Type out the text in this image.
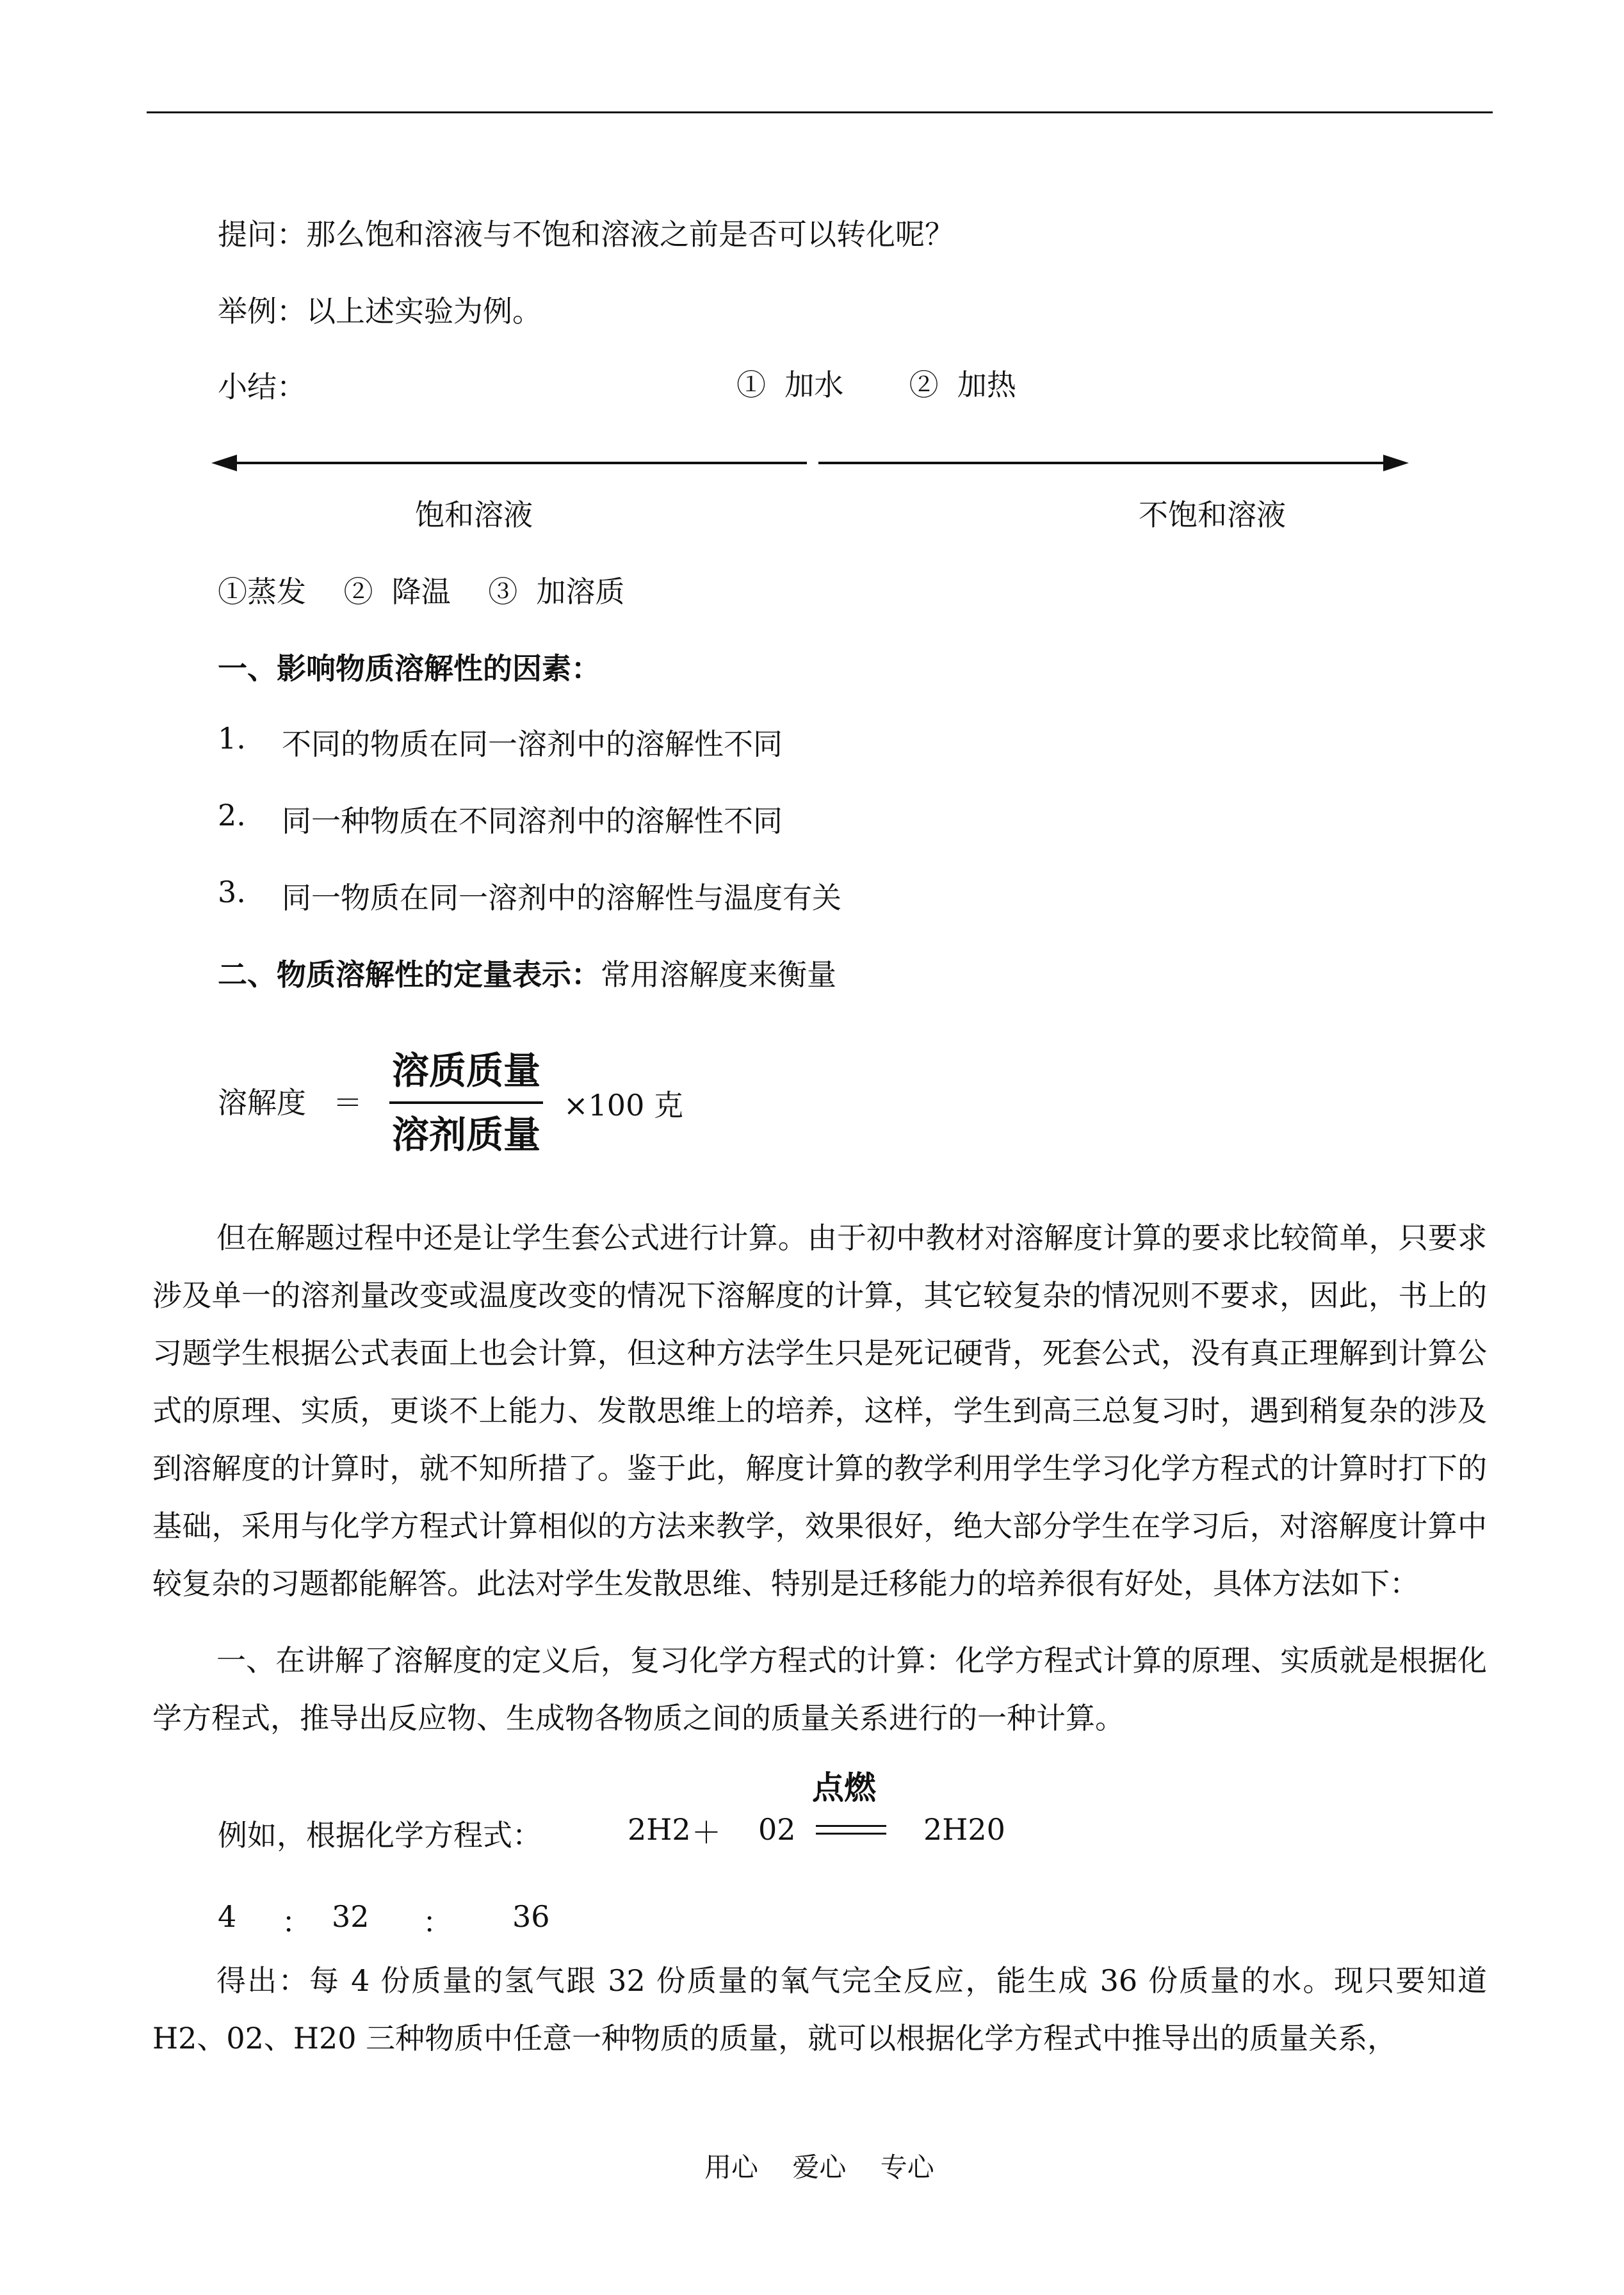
提问：那么饱和溶液与不饱和溶液之前是否可以转化呢？
举例：以上述实验为例。
小结：	①  加水       ②  加热
饱和溶液	不饱和溶液
①蒸发    ②  降温    ③  加溶质
一、影响物质溶解性的因素：
1. 不同的物质在同一溶剂中的溶解性不同
2. 同一种物质在不同溶剂中的溶解性不同
3. 同一物质在同一溶剂中的溶解性与温度有关
二、物质溶解性的定量表示：常用溶解度来衡量
溶解度 ＝
溶质质量
溶剂质量
×100 克
但在解题过程中还是让学生套公式进行计算。由于初中教材对溶解度计算的要求比较简单，只要求涉及单一的溶剂量改变或温度改变的情况下溶解度的计算，其它较复杂的情况则不要求，因此，书上的习题学生根据公式表面上也会计算，但这种方法学生只是死记硬背，死套公式，没有真正理解到计算公式的原理、实质，更谈不上能力、发散思维上的培养，这样，学生到高三总复习时，遇到稍复杂的涉及到溶解度的计算时，就不知所措了。鉴于此，解度计算的教学利用学生学习化学方程式的计算时打下的基础，采用与化学方程式计算相似的方法来教学，效果很好，绝大部分学生在学习后，对溶解度计算中较复杂的习题都能解答。此法对学生发散思维、特别是迁移能力的培养很有好处，具体方法如下：
一、在讲解了溶解度的定义后，复习化学方程式的计算：化学方程式计算的原理、实质就是根据化学方程式，推导出反应物、生成物各物质之间的质量关系进行的一种计算。
例如，根据化学方程式：	2H2 ＋ 02
点燃
2H20
4 ： 32 ： 36
得出：每 4 份质量的氢气跟 32 份质量的氧气完全反应，能生成 36 份质量的水。现只要知道 H2、02、H20 三种物质中任意一种物质的质量，就可以根据化学方程式中推导出的质量关系，
用心    爱心    专心
